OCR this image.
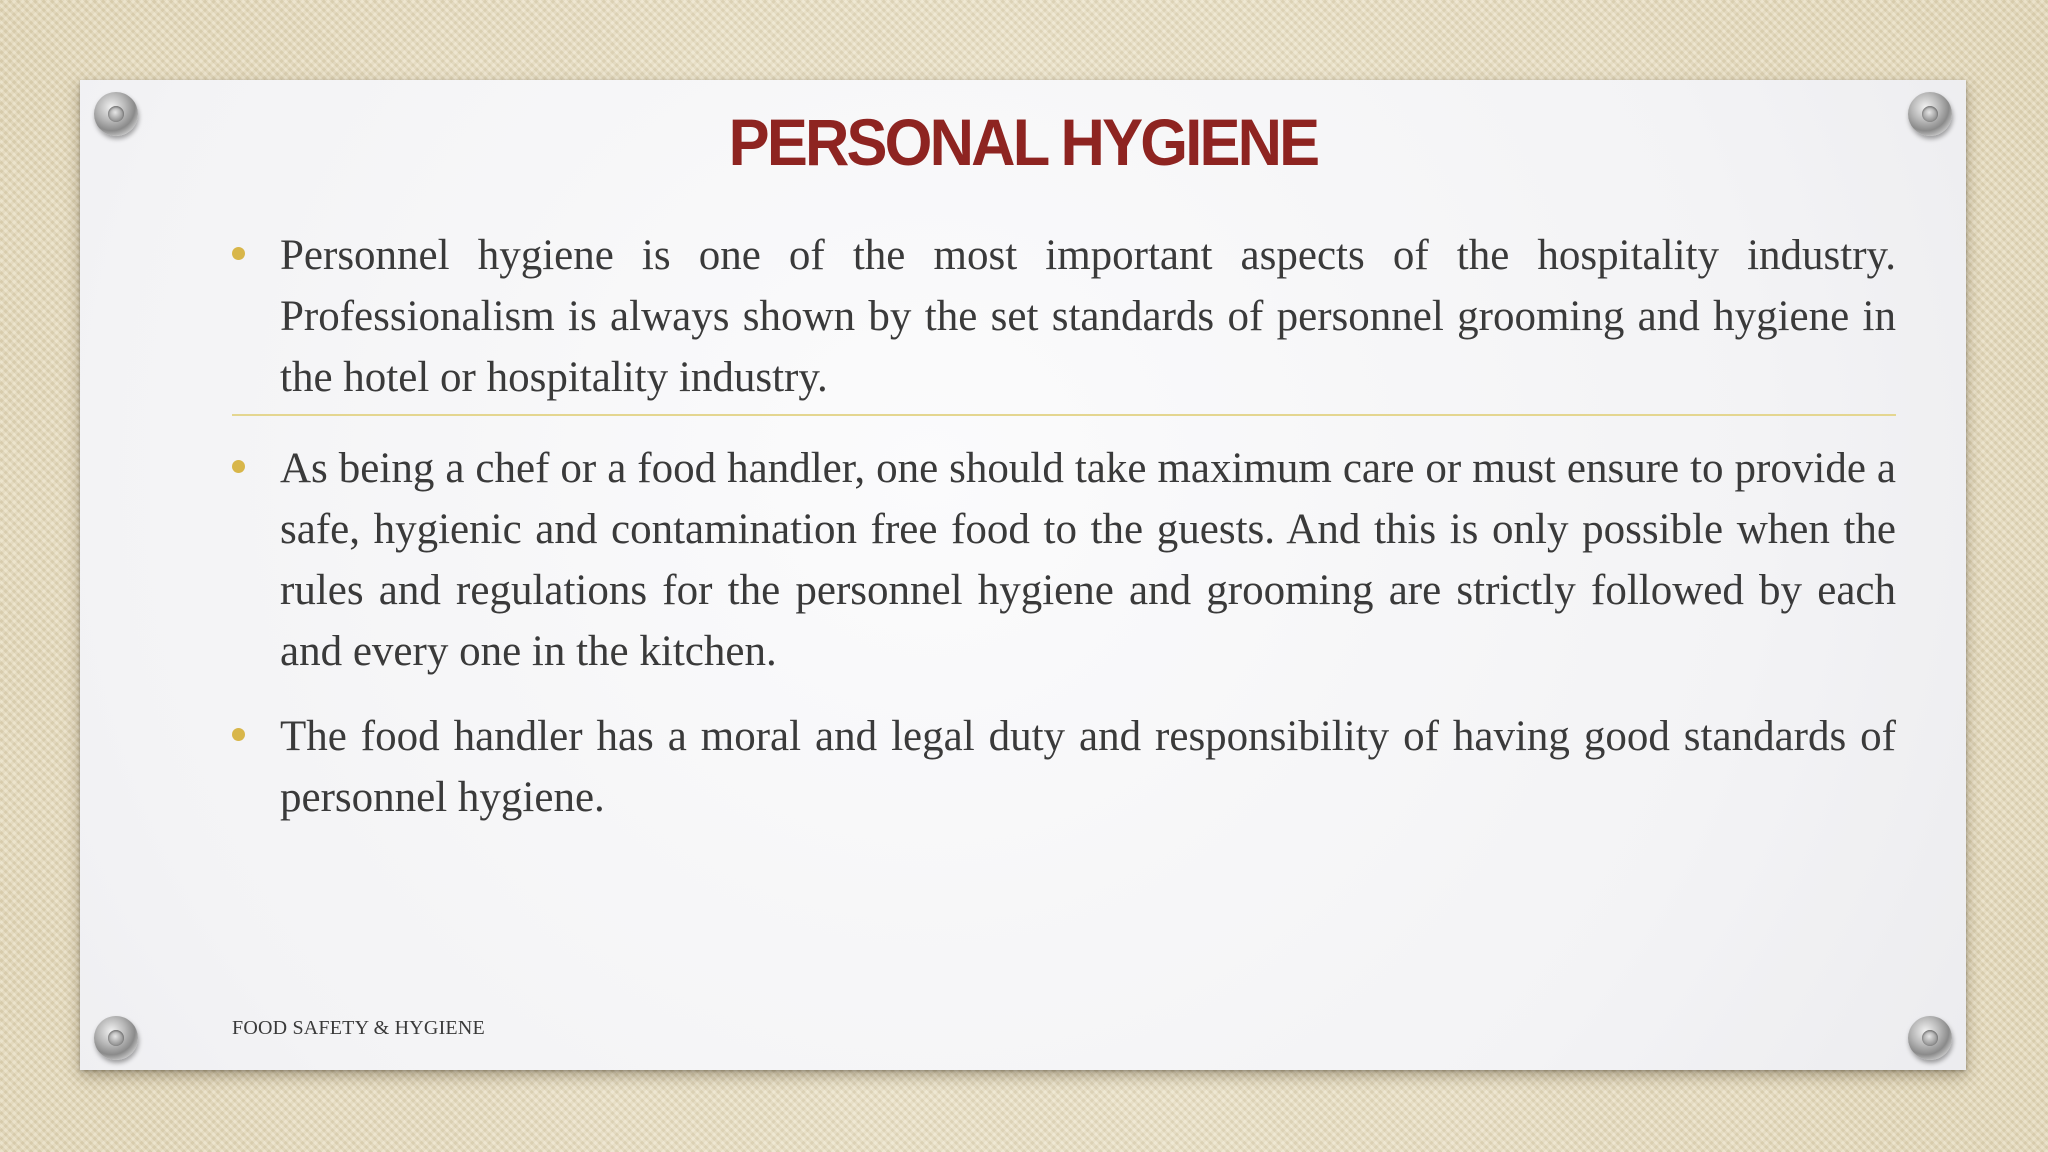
PERSONAL HYGIENE
Personnel hygiene is one of the most important aspects of the hospitality industry. Professionalism is always shown by the set standards of personnel grooming and hygiene in the hotel or hospitality industry.
As being a chef or a food handler, one should take maximum care or must ensure to provide a safe, hygienic and contamination free food to the guests. And this is only possible when the rules and regulations for the personnel hygiene and grooming are strictly followed by each and every one in the kitchen.
The food handler has a moral and legal duty and responsibility of having good standards of personnel hygiene.
FOOD SAFETY & HYGIENE
